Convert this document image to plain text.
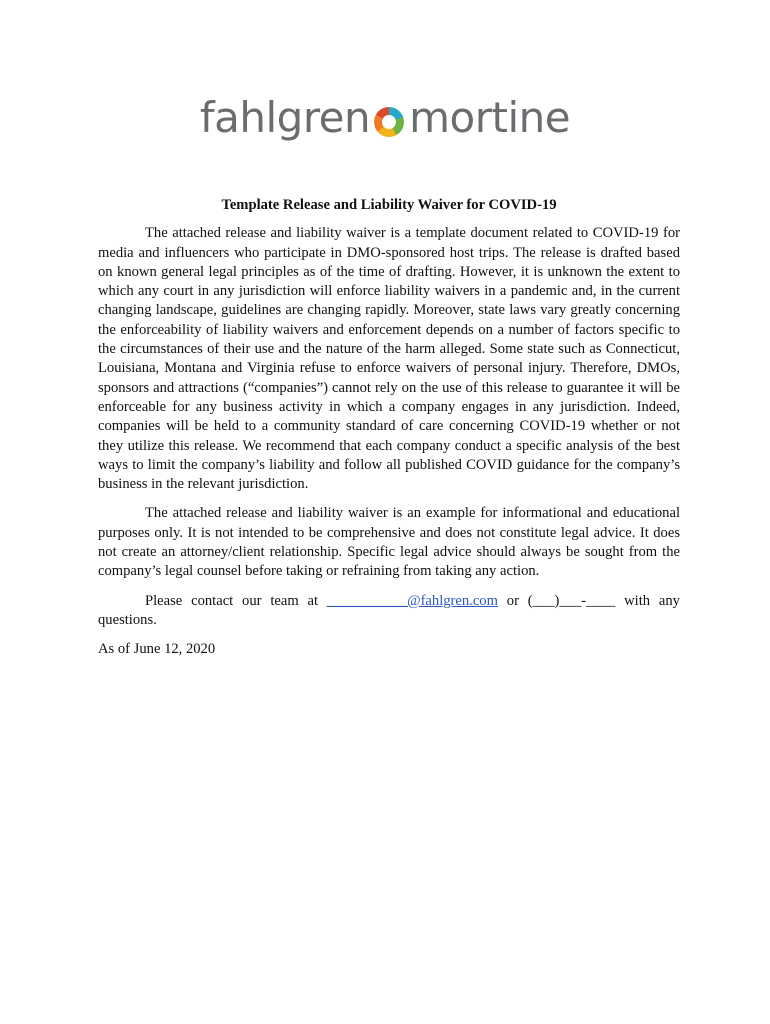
fahlgren mortine

Template Release and Liability Waiver for COVID-19

The attached release and liability waiver is a template document related to COVID-19 for media and influencers who participate in DMO-sponsored host trips. The release is drafted based on known general legal principles as of the time of drafting. However, it is unknown the extent to which any court in any jurisdiction will enforce liability waivers in a pandemic and, in the current changing landscape, guidelines are changing rapidly. Moreover, state laws vary greatly concerning the enforceability of liability waivers and enforcement depends on a number of factors specific to the circumstances of their use and the nature of the harm alleged. Some state such as Connecticut, Louisiana, Montana and Virginia refuse to enforce waivers of personal injury. Therefore, DMOs, sponsors and attractions (“companies”) cannot rely on the use of this release to guarantee it will be enforceable for any business activity in which a company engages in any jurisdiction. Indeed, companies will be held to a community standard of care concerning COVID-19 whether or not they utilize this release. We recommend that each company conduct a specific analysis of the best ways to limit the company’s liability and follow all published COVID guidance for the company’s business in the relevant jurisdiction.

The attached release and liability waiver is an example for informational and educational purposes only. It is not intended to be comprehensive and does not constitute legal advice. It does not create an attorney/client relationship. Specific legal advice should always be sought from the company’s legal counsel before taking or refraining from taking any action.

Please contact our team at ___________@fahlgren.com or (___)___-____ with any questions.

As of June 12, 2020
